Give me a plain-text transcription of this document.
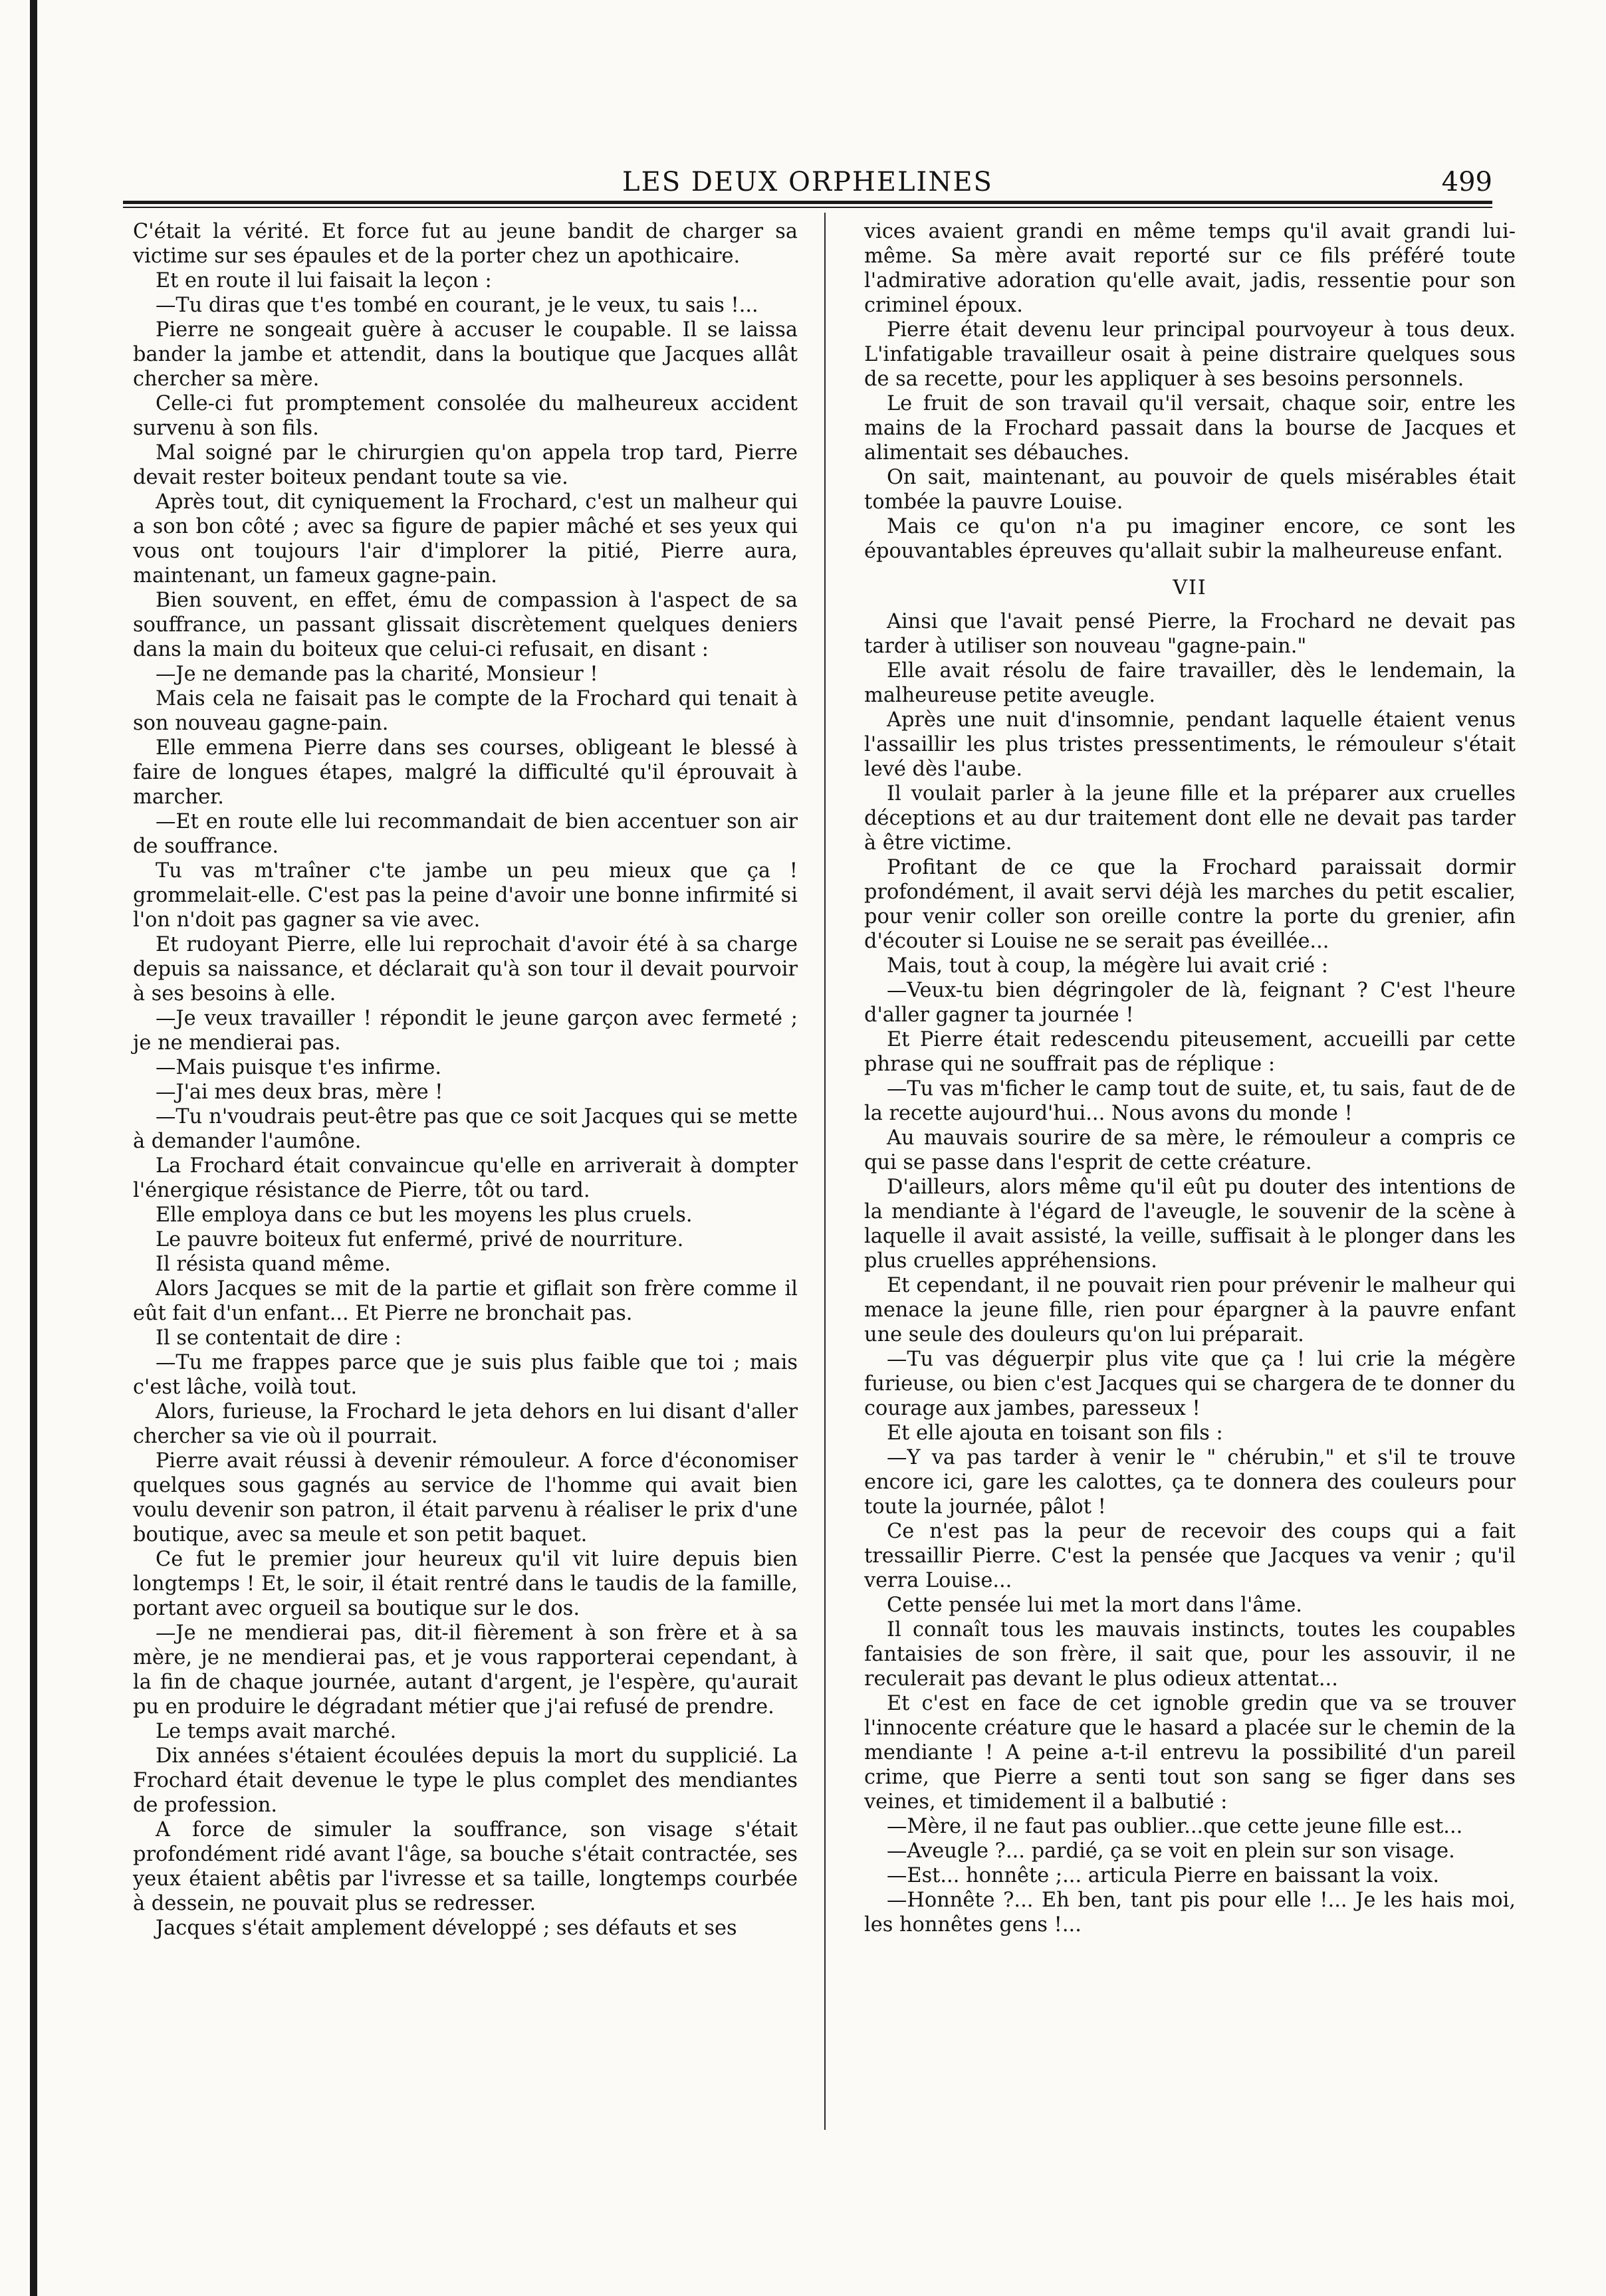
LES DEUX ORPHELINES	499

C'était la vérité. Et force fut au jeune bandit de charger sa victime sur ses épaules et de la porter chez un apothicaire.

Et en route il lui faisait la leçon :

—Tu diras que t'es tombé en courant, je le veux, tu sais !...

Pierre ne songeait guère à accuser le coupable. Il se laissa bander la jambe et attendit, dans la boutique que Jacques allât chercher sa mère.

Celle-ci fut promptement consolée du malheureux accident survenu à son fils.

Mal soigné par le chirurgien qu'on appela trop tard, Pierre devait rester boiteux pendant toute sa vie.

Après tout, dit cyniquement la Frochard, c'est un malheur qui a son bon côté ; avec sa figure de papier mâché et ses yeux qui vous ont toujours l'air d'implorer la pitié, Pierre aura, maintenant, un fameux gagne-pain.

Bien souvent, en effet, ému de compassion à l'aspect de sa souffrance, un passant glissait discrètement quelques deniers dans la main du boiteux que celui-ci refusait, en disant :

—Je ne demande pas la charité, Monsieur !

Mais cela ne faisait pas le compte de la Frochard qui tenait à son nouveau gagne-pain.

Elle emmena Pierre dans ses courses, obligeant le blessé à faire de longues étapes, malgré la difficulté qu'il éprouvait à marcher.

—Et en route elle lui recommandait de bien accentuer son air de souffrance.

Tu vas m'traîner c'te jambe un peu mieux que ça ! grommelait-elle. C'est pas la peine d'avoir une bonne infirmité si l'on n'doit pas gagner sa vie avec.

Et rudoyant Pierre, elle lui reprochait d'avoir été à sa charge depuis sa naissance, et déclarait qu'à son tour il devait pourvoir à ses besoins à elle.

—Je veux travailler ! répondit le jeune garçon avec fermeté ; je ne mendierai pas.

—Mais puisque t'es infirme.

—J'ai mes deux bras, mère !

—Tu n'voudrais peut-être pas que ce soit Jacques qui se mette à demander l'aumône.

La Frochard était convaincue qu'elle en arriverait à dompter l'énergique résistance de Pierre, tôt ou tard.

Elle employa dans ce but les moyens les plus cruels.

Le pauvre boiteux fut enfermé, privé de nourriture.

Il résista quand même.

Alors Jacques se mit de la partie et giflait son frère comme il eût fait d'un enfant... Et Pierre ne bronchait pas.

Il se contentait de dire :

—Tu me frappes parce que je suis plus faible que toi ; mais c'est lâche, voilà tout.

Alors, furieuse, la Frochard le jeta dehors en lui disant d'aller chercher sa vie où il pourrait.

Pierre avait réussi à devenir rémouleur. A force d'économiser quelques sous gagnés au service de l'homme qui avait bien voulu devenir son patron, il était parvenu à réaliser le prix d'une boutique, avec sa meule et son petit baquet.

Ce fut le premier jour heureux qu'il vit luire depuis bien longtemps ! Et, le soir, il était rentré dans le taudis de la famille, portant avec orgueil sa boutique sur le dos.

—Je ne mendierai pas, dit-il fièrement à son frère et à sa mère, je ne mendierai pas, et je vous rapporterai cependant, à la fin de chaque journée, autant d'argent, je l'espère, qu'aurait pu en produire le dégradant métier que j'ai refusé de prendre.

Le temps avait marché.

Dix années s'étaient écoulées depuis la mort du supplicié. La Frochard était devenue le type le plus complet des mendiantes de profession.

A force de simuler la souffrance, son visage s'était profondément ridé avant l'âge, sa bouche s'était contractée, ses yeux étaient abêtis par l'ivresse et sa taille, longtemps courbée à dessein, ne pouvait plus se redresser.

Jacques s'était amplement développé ; ses défauts et ses

vices avaient grandi en même temps qu'il avait grandi lui-même. Sa mère avait reporté sur ce fils préféré toute l'admirative adoration qu'elle avait, jadis, ressentie pour son criminel époux.

Pierre était devenu leur principal pourvoyeur à tous deux. L'infatigable travailleur osait à peine distraire quelques sous de sa recette, pour les appliquer à ses besoins personnels.

Le fruit de son travail qu'il versait, chaque soir, entre les mains de la Frochard passait dans la bourse de Jacques et alimentait ses débauches.

On sait, maintenant, au pouvoir de quels misérables était tombée la pauvre Louise.

Mais ce qu'on n'a pu imaginer encore, ce sont les épouvantables épreuves qu'allait subir la malheureuse enfant.

VII

Ainsi que l'avait pensé Pierre, la Frochard ne devait pas tarder à utiliser son nouveau "gagne-pain."

Elle avait résolu de faire travailler, dès le lendemain, la malheureuse petite aveugle.

Après une nuit d'insomnie, pendant laquelle étaient venus l'assaillir les plus tristes pressentiments, le rémouleur s'était levé dès l'aube.

Il voulait parler à la jeune fille et la préparer aux cruelles déceptions et au dur traitement dont elle ne devait pas tarder à être victime.

Profitant de ce que la Frochard paraissait dormir profondément, il avait servi déjà les marches du petit escalier, pour venir coller son oreille contre la porte du grenier, afin d'écouter si Louise ne se serait pas éveillée...

Mais, tout à coup, la mégère lui avait crié :

—Veux-tu bien dégringoler de là, feignant ? C'est l'heure d'aller gagner ta journée !

Et Pierre était redescendu piteusement, accueilli par cette phrase qui ne souffrait pas de réplique :

—Tu vas m'ficher le camp tout de suite, et, tu sais, faut de de la recette aujourd'hui... Nous avons du monde !

Au mauvais sourire de sa mère, le rémouleur a compris ce qui se passe dans l'esprit de cette créature.

D'ailleurs, alors même qu'il eût pu douter des intentions de la mendiante à l'égard de l'aveugle, le souvenir de la scène à laquelle il avait assisté, la veille, suffisait à le plonger dans les plus cruelles appréhensions.

Et cependant, il ne pouvait rien pour prévenir le malheur qui menace la jeune fille, rien pour épargner à la pauvre enfant une seule des douleurs qu'on lui préparait.

—Tu vas déguerpir plus vite que ça ! lui crie la mégère furieuse, ou bien c'est Jacques qui se chargera de te donner du courage aux jambes, paresseux !

Et elle ajouta en toisant son fils :

—Y va pas tarder à venir le " chérubin," et s'il te trouve encore ici, gare les calottes, ça te donnera des couleurs pour toute la journée, pâlot !

Ce n'est pas la peur de recevoir des coups qui a fait tressaillir Pierre. C'est la pensée que Jacques va venir ; qu'il verra Louise...

Cette pensée lui met la mort dans l'âme.

Il connaît tous les mauvais instincts, toutes les coupables fantaisies de son frère, il sait que, pour les assouvir, il ne reculerait pas devant le plus odieux attentat...

Et c'est en face de cet ignoble gredin que va se trouver l'innocente créature que le hasard a placée sur le chemin de la mendiante ! A peine a-t-il entrevu la possibilité d'un pareil crime, que Pierre a senti tout son sang se figer dans ses veines, et timidement il a balbutié :

—Mère, il ne faut pas oublier...que cette jeune fille est...

—Aveugle ?... pardié, ça se voit en plein sur son visage.

—Est... honnête ;... articula Pierre en baissant la voix.

—Honnête ?... Eh ben, tant pis pour elle !... Je les hais moi, les honnêtes gens !...
